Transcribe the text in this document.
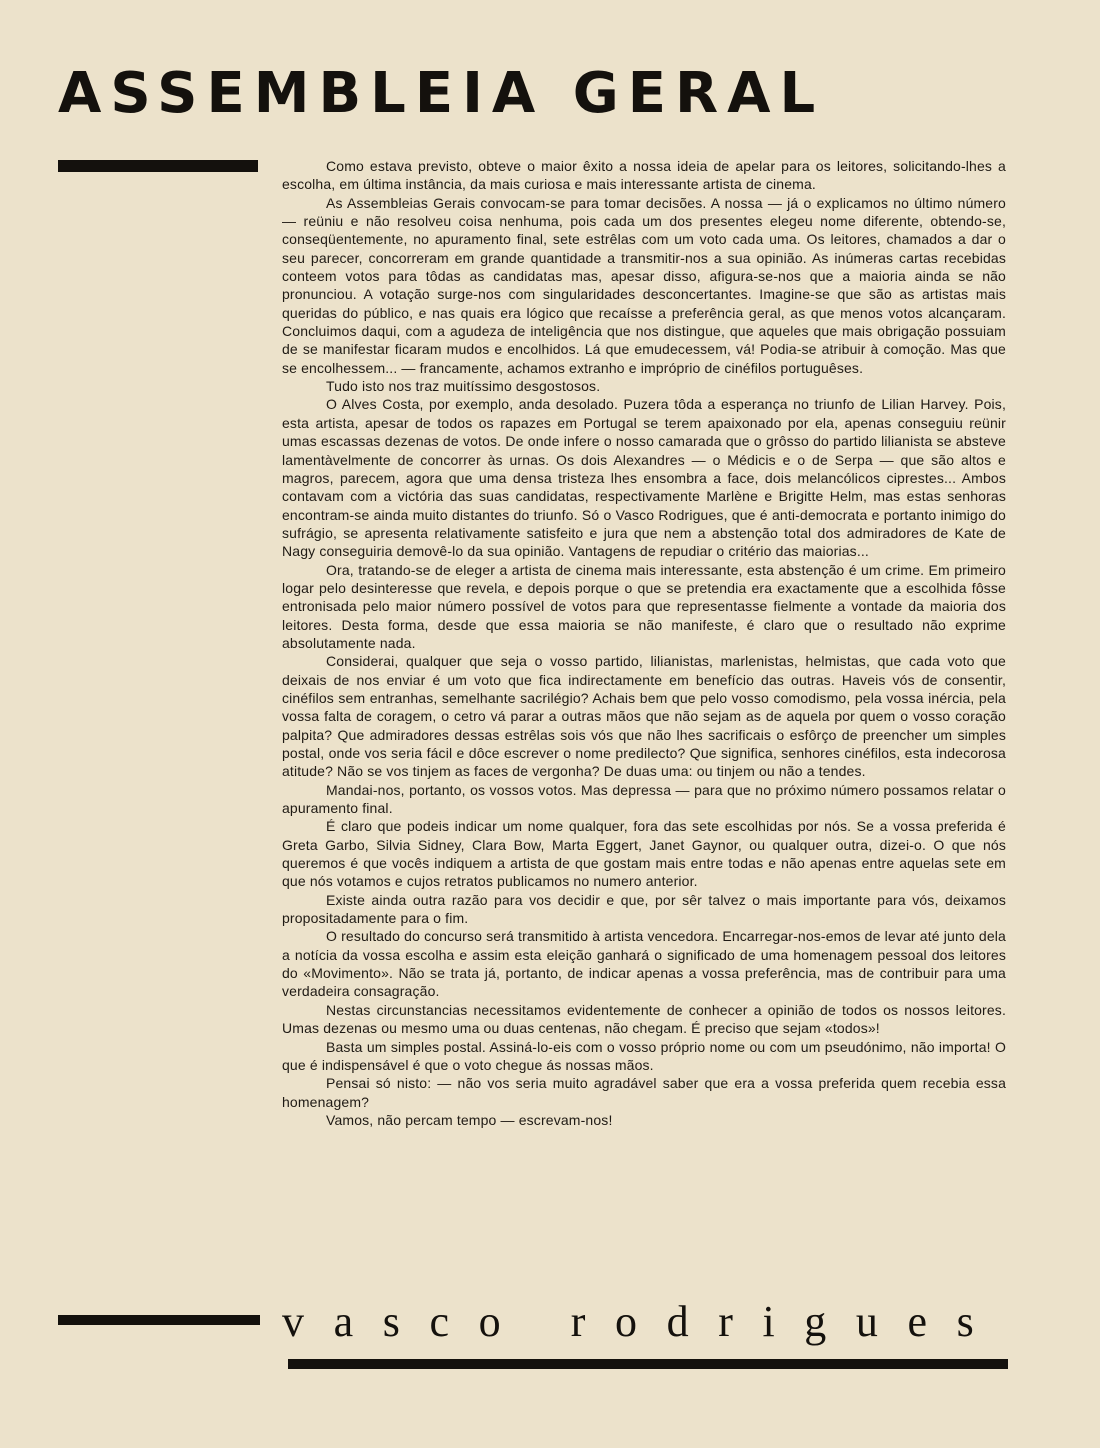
ASSEMBLEIA GERAL

Como estava previsto, obteve o maior êxito a nossa ideia de apelar para os leitores, solicitando-lhes a escolha, em última instância, da mais curiosa e mais interessante artista de cinema.

As Assembleias Gerais convocam-se para tomar decisões. A nossa — já o explicamos no último número — reüniu e não resolveu coisa nenhuma, pois cada um dos presentes elegeu nome diferente, obtendo-se, conseqüentemente, no apuramento final, sete estrêlas com um voto cada uma. Os leitores, chamados a dar o seu parecer, concorreram em grande quantidade a transmitir-nos a sua opinião. As inúmeras cartas recebidas conteem votos para tôdas as candidatas mas, apesar disso, afigura-se-nos que a maioria ainda se não pronunciou. A votação surge-nos com singularidades desconcertantes. Imagine-se que são as artistas mais queridas do público, e nas quais era lógico que recaísse a preferência geral, as que menos votos alcançaram. Concluimos daqui, com a agudeza de inteligência que nos distingue, que aqueles que mais obrigação possuiam de se manifestar ficaram mudos e encolhidos. Lá que emudecessem, vá! Podia-se atribuir à comoção. Mas que se encolhessem... — francamente, achamos extranho e impróprio de cinéfilos portuguêses.

Tudo isto nos traz muitíssimo desgostosos.

O Alves Costa, por exemplo, anda desolado. Puzera tôda a esperança no triunfo de Lilian Harvey. Pois, esta artista, apesar de todos os rapazes em Portugal se terem apaixonado por ela, apenas conseguiu reünir umas escassas dezenas de votos. De onde infere o nosso camarada que o grôsso do partido lilianista se absteve lamentàvelmente de concorrer às urnas. Os dois Alexandres — o Médicis e o de Serpa — que são altos e magros, parecem, agora que uma densa tristeza lhes ensombra a face, dois melancólicos ciprestes... Ambos contavam com a victória das suas candidatas, respectivamente Marlène e Brigitte Helm, mas estas senhoras encontram-se ainda muito distantes do triunfo. Só o Vasco Rodrigues, que é anti-democrata e portanto inimigo do sufrágio, se apresenta relativamente satisfeito e jura que nem a abstenção total dos admiradores de Kate de Nagy conseguiria demovê-lo da sua opinião. Vantagens de repudiar o critério das maiorias...

Ora, tratando-se de eleger a artista de cinema mais interessante, esta abstenção é um crime. Em primeiro logar pelo desinteresse que revela, e depois porque o que se pretendia era exactamente que a escolhida fôsse entronisada pelo maior número possível de votos para que representasse fielmente a vontade da maioria dos leitores. Desta forma, desde que essa maioria se não manifeste, é claro que o resultado não exprime absolutamente nada.

Considerai, qualquer que seja o vosso partido, lilianistas, marlenistas, helmistas, que cada voto que deixais de nos enviar é um voto que fica indirectamente em benefício das outras. Haveis vós de consentir, cinéfilos sem entranhas, semelhante sacrilégio? Achais bem que pelo vosso comodismo, pela vossa inércia, pela vossa falta de coragem, o cetro vá parar a outras mãos que não sejam as de aquela por quem o vosso coração palpita? Que admiradores dessas estrêlas sois vós que não lhes sacrificais o esfôrço de preencher um simples postal, onde vos seria fácil e dôce escrever o nome predilecto? Que significa, senhores cinéfilos, esta indecorosa atitude? Não se vos tinjem as faces de vergonha? De duas uma: ou tinjem ou não a tendes.

Mandai-nos, portanto, os vossos votos. Mas depressa — para que no próximo número possamos relatar o apuramento final.

É claro que podeis indicar um nome qualquer, fora das sete escolhidas por nós. Se a vossa preferida é Greta Garbo, Silvia Sidney, Clara Bow, Marta Eggert, Janet Gaynor, ou qualquer outra, dizei-o. O que nós queremos é que vocês indiquem a artista de que gostam mais entre todas e não apenas entre aquelas sete em que nós votamos e cujos retratos publicamos no numero anterior.

Existe ainda outra razão para vos decidir e que, por sêr talvez o mais importante para vós, deixamos propositadamente para o fim.

O resultado do concurso será transmitido à artista vencedora. Encarregar-nos-emos de levar até junto dela a notícia da vossa escolha e assim esta eleição ganhará o significado de uma homenagem pessoal dos leitores do «Movimento». Não se trata já, portanto, de indicar apenas a vossa preferência, mas de contribuir para uma verdadeira consagração.

Nestas circunstancias necessitamos evidentemente de conhecer a opinião de todos os nossos leitores. Umas dezenas ou mesmo uma ou duas centenas, não chegam. É preciso que sejam «todos»!

Basta um simples postal. Assiná-lo-eis com o vosso próprio nome ou com um pseudónimo, não importa! O que é indispensável é que o voto chegue ás nossas mãos.

Pensai só nisto: — não vos seria muito agradável saber que era a vossa preferida quem recebia essa homenagem?

Vamos, não percam tempo — escrevam-nos!

vasco rodrigues
